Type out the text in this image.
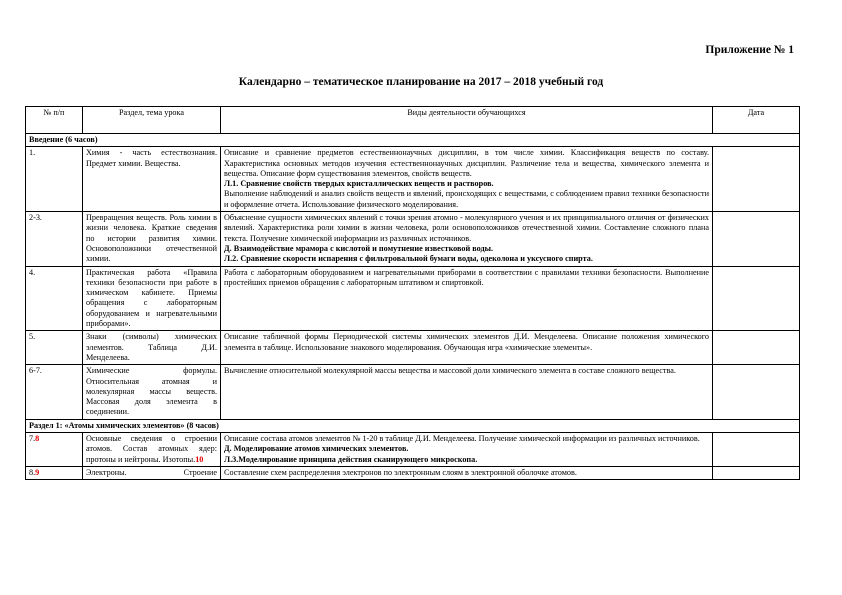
Приложение № 1
Календарно – тематическое планирование на 2017 – 2018 учебный год
№ п/п	Раздел, тема урока	Виды деятельности обучающихся	Дата
Введение (6 часов)			
1.	Химия - часть естествознания. Предмет химии. Вещества.	Описание и сравнение предметов естественнонаучных дисциплин, в том числе химии. Классификация веществ по составу. Характеристика основных методов изучения естественнонаучных дисциплин. Различение тела и вещества, химического элемента и вещества. Описание форм существования элементов, свойств веществ.
Л.1. Сравнение свойств твердых кристаллических веществ и растворов.
Выполнение наблюдений и анализ свойств веществ и явлений, происходящих с веществами, с соблюдением правил техники безопасности и оформление отчета. Использование физического моделирования.	

2-3.	Превращения веществ. Роль химии в жизни человека. Краткие сведения по истории развития химии. Основоположники отечественной химии.	Объяснение сущности химических явлений с точки зрения атомно - молекулярного учения и их принципиального отличия от физических явлений. Характеристика роли химии в жизни человека, роли основоположников отечественной химии. Составление сложного плана текста. Получение химической информации из различных источников.
Д. Взаимодействие мрамора с кислотой и помутнение известковой воды.
Л.2. Сравнение скорости испарения с фильтровальной бумаги воды, одеколона и уксусного спирта.	

4.	Практическая работа «Правила техники безопасности при работе в химическом кабинете. Приемы обращения с лабораторным оборудованием и нагревательными приборами».	Работа с лабораторным оборудованием и нагревательными приборами в соответствии с правилами техники безопасности. Выполнение простейших приемов обращения с лабораторным штативом и спиртовкой.	

5.	Знаки (символы) химических элементов. Таблица Д.И. Менделеева.	Описание табличной формы Периодической системы химических элементов Д.И. Менделеева. Описание положения химического элемента в таблице. Использование знакового моделирования. Обучающая игра «химические элементы».	

6-7.	Химические формулы. Относительная атомная и молекулярная массы веществ. Массовая доля элемента в соединении.	Вычисление относительной молекулярной массы вещества и массовой доли химического элемента в составе сложного вещества.	

Раздел 1: «Атомы химических элементов» (8 часов)			
7.8	Основные сведения о строении атомов. Состав атомных ядер: протоны и нейтроны. Изотопы.10	Описание состава атомов элементов № 1-20 в таблице Д.И. Менделеева. Получение химической информации из различных источников.
Д. Моделирование атомов химических элементов.
Л.3.Моделирование принципа действия сканирующего микроскопа.	

8.9	Электроны. Строение	Составление схем распределения электронов по электронным слоям в электронной оболочке атомов.	
